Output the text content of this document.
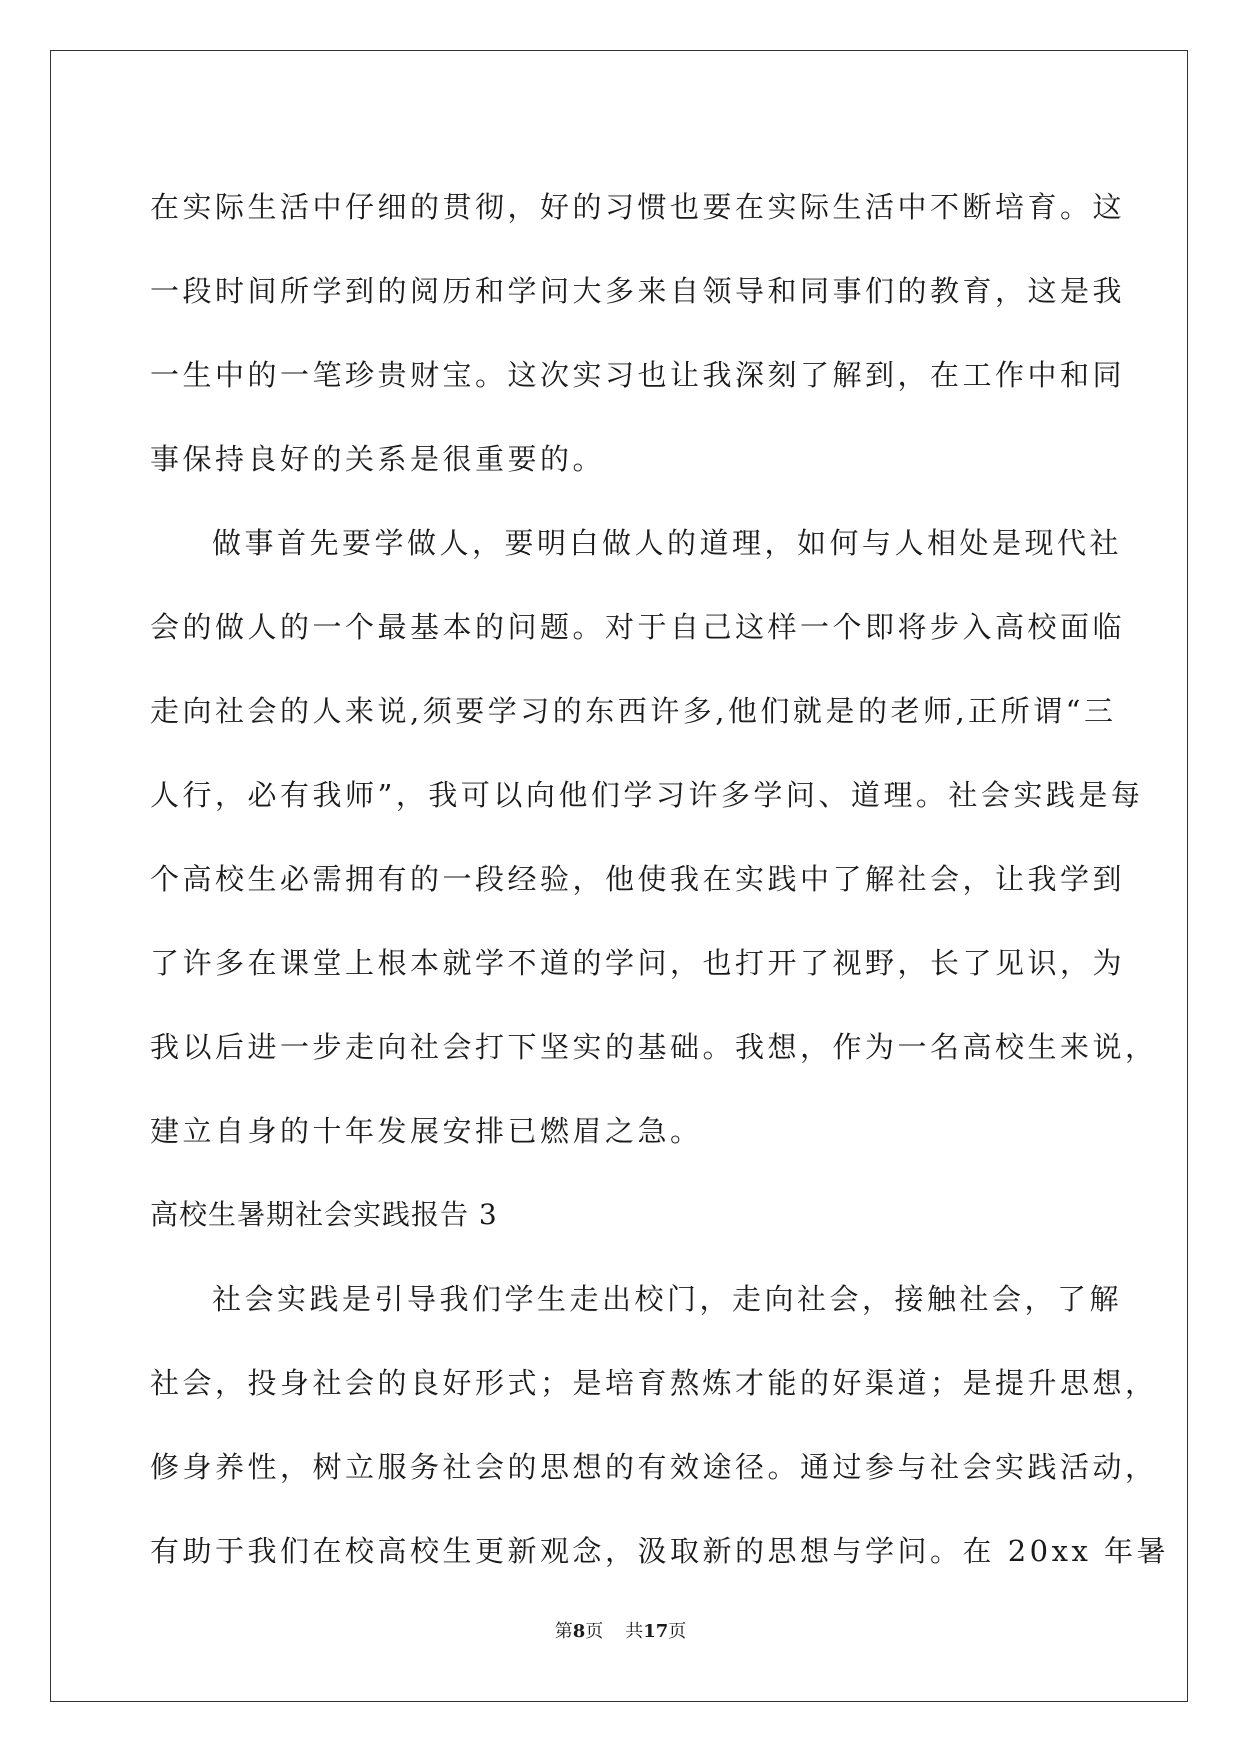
在实际生活中仔细的贯彻，好的习惯也要在实际生活中不断培育。这
一段时间所学到的阅历和学问大多来自领导和同事们的教育，这是我
一生中的一笔珍贵财宝。这次实习也让我深刻了解到，在工作中和同
事保持良好的关系是很重要的。
做事首先要学做人，要明白做人的道理，如何与人相处是现代社
会的做人的一个最基本的问题。对于自己这样一个即将步入高校面临
走向社会的人来说,须要学习的东西许多,他们就是的老师,正所谓“三
人行，必有我师”，我可以向他们学习许多学问、道理。社会实践是每
个高校生必需拥有的一段经验，他使我在实践中了解社会，让我学到
了许多在课堂上根本就学不道的学问，也打开了视野，长了见识，为
我以后进一步走向社会打下坚实的基础。我想，作为一名高校生来说，
建立自身的十年发展安排已燃眉之急。
高校生暑期社会实践报告 3
社会实践是引导我们学生走出校门，走向社会，接触社会，了解
社会，投身社会的良好形式；是培育熬炼才能的好渠道；是提升思想，
修身养性，树立服务社会的思想的有效途径。通过参与社会实践活动，
有助于我们在校高校生更新观念，汲取新的思想与学问。在 20xx 年暑
第8页 共17页
